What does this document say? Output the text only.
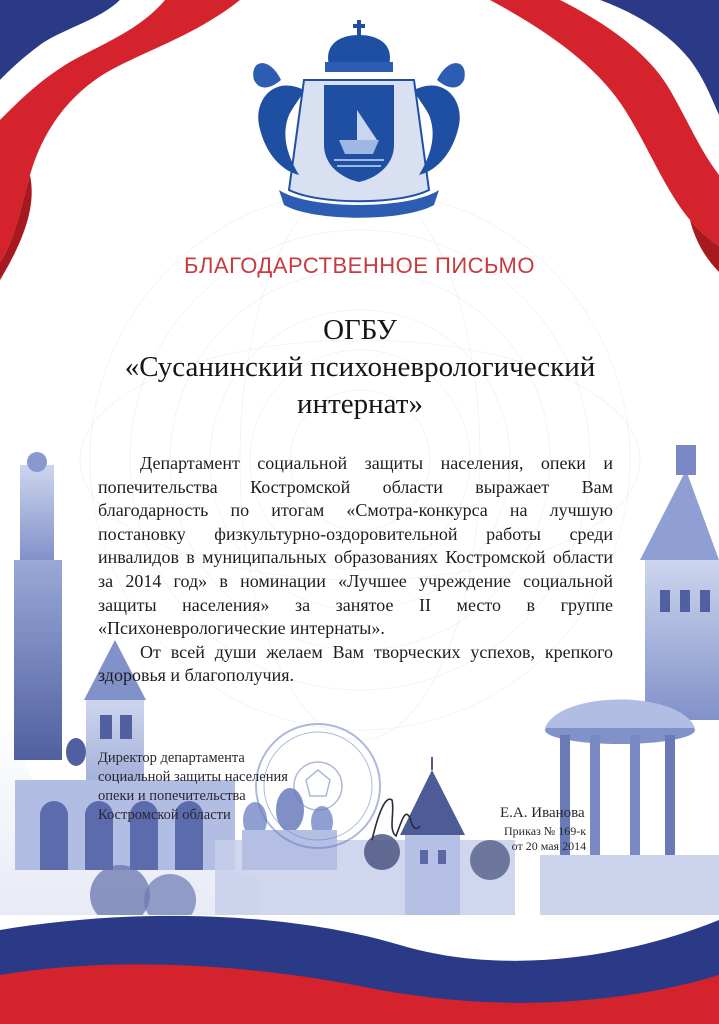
БЛАГОДАРСТВЕННОЕ ПИСЬМО
ОГБУ
«Сусанинский психоневрологический
интернат»

Департамент социальной защиты населения, опеки и попечительства Костромской области выражает Вам благодарность по итогам «Смотра-конкурса на лучшую постановку физкультурно-оздоровительной работы среди инвалидов в муниципальных образованиях Костромской области за 2014 год» в номинации «Лучшее учреждение социальной защиты населения» за занятое II место в группе «Психоневрологические интернаты».

От всей души желаем Вам творческих успехов, крепкого здоровья и благополучия.

Директор департамента
социальной защиты населения
опеки и попечительства
Костромской области	Е.А. Иванова
Приказ № 169-к
от 20 мая 2014
